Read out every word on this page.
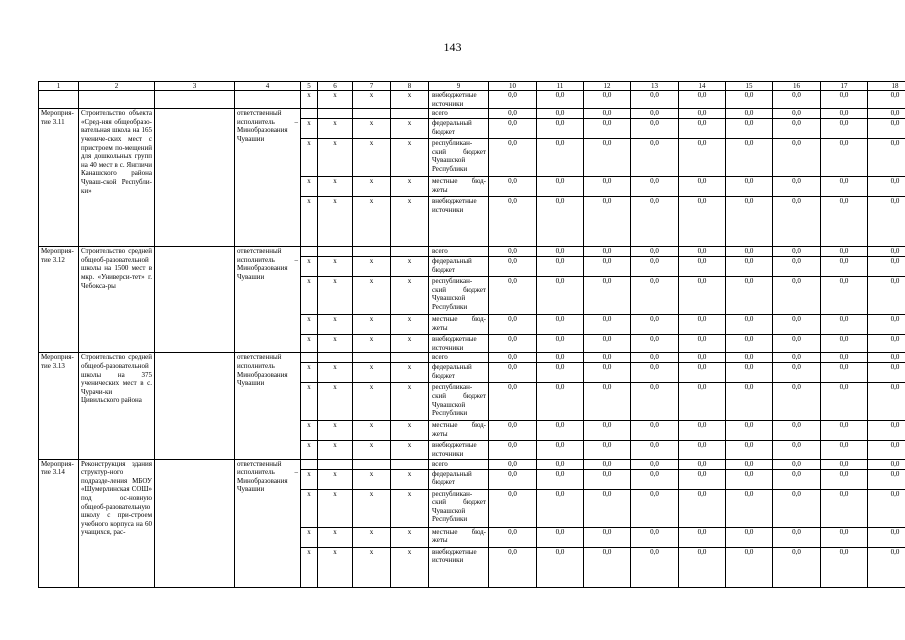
143
1	2	3	4	5	6	7	8	9	10	11	12	13	14	15	16	17	18
				x	x	x	x	внебюджетные источники	0,0	0,0	0,0	0,0	0,0	0,0	0,0	0,0	0,0
Мероприя-тие 3.11	Строительство объекта «Сред-няя общеобразо-вательная школа на 165 учениче-ских мест с пристроем по-мещений для дошкольных групп на 40 мест в с. Янгличи Канашского района Чуваш-ской Республи-ки»		ответственный исполнитель – Минобразования Чувашии					всего	0,0	0,0	0,0	0,0	0,0	0,0	0,0	0,0	0,0
				x	x	x	x	федеральный бюджет	0,0	0,0	0,0	0,0	0,0	0,0	0,0	0,0	0,0
				x	x	x	x	республикан-ский бюджет Чувашской Республики	0,0	0,0	0,0	0,0	0,0	0,0	0,0	0,0	0,0
				x	x	x	x	местные бюд-жеты	0,0	0,0	0,0	0,0	0,0	0,0	0,0	0,0	0,0
				x	x	x	x	внебюджетные источники	0,0	0,0	0,0	0,0	0,0	0,0	0,0	0,0	0,0
Мероприя-тие 3.12	Строительство средней общеоб-разовательной школы на 1500 мест в мкр. «Универси-тет» г. Чебокса-ры		ответственный исполнитель – Минобразования Чувашии					всего	0,0	0,0	0,0	0,0	0,0	0,0	0,0	0,0	0,0
				x	x	x	x	федеральный бюджет	0,0	0,0	0,0	0,0	0,0	0,0	0,0	0,0	0,0
				x	x	x	x	республикан-ский бюджет Чувашской Республики	0,0	0,0	0,0	0,0	0,0	0,0	0,0	0,0	0,0
				x	x	x	x	местные бюд-жеты	0,0	0,0	0,0	0,0	0,0	0,0	0,0	0,0	0,0
				x	x	x	x	внебюджетные источники	0,0	0,0	0,0	0,0	0,0	0,0	0,0	0,0	0,0
Мероприя-тие 3.13	Строительство средней общеоб-разовательной школы на 375 ученических мест в с. Чурачи-ки Цивильского района		ответственный исполнитель Минобразования Чувашии					всего	0,0	0,0	0,0	0,0	0,0	0,0	0,0	0,0	0,0
				x	x	x	x	федеральный бюджет	0,0	0,0	0,0	0,0	0,0	0,0	0,0	0,0	0,0
				x	x	x	x	республикан-ский бюджет Чувашской Республики	0,0	0,0	0,0	0,0	0,0	0,0	0,0	0,0	0,0
				x	x	x	x	местные бюд-жеты	0,0	0,0	0,0	0,0	0,0	0,0	0,0	0,0	0,0
				x	x	x	x	внебюджетные источники	0,0	0,0	0,0	0,0	0,0	0,0	0,0	0,0	0,0
Мероприя-тие 3.14	Реконструкция здания структур-ного подразде-ления МБОУ «Шумерлинская СОШ» под ос-новную общеоб-разовательную школу с при-строем учебного корпуса на 60 учащихся, рас-		ответственный исполнитель – Минобразования Чувашии					всего	0,0	0,0	0,0	0,0	0,0	0,0	0,0	0,0	0,0
				x	x	x	x	федеральный бюджет	0,0	0,0	0,0	0,0	0,0	0,0	0,0	0,0	0,0
				x	x	x	x	республикан-ский бюджет Чувашской Республики	0,0	0,0	0,0	0,0	0,0	0,0	0,0	0,0	0,0
				x	x	x	x	местные бюд-жеты	0,0	0,0	0,0	0,0	0,0	0,0	0,0	0,0	0,0
				x	x	x	x	внебюджетные источники	0,0	0,0	0,0	0,0	0,0	0,0	0,0	0,0	0,0
